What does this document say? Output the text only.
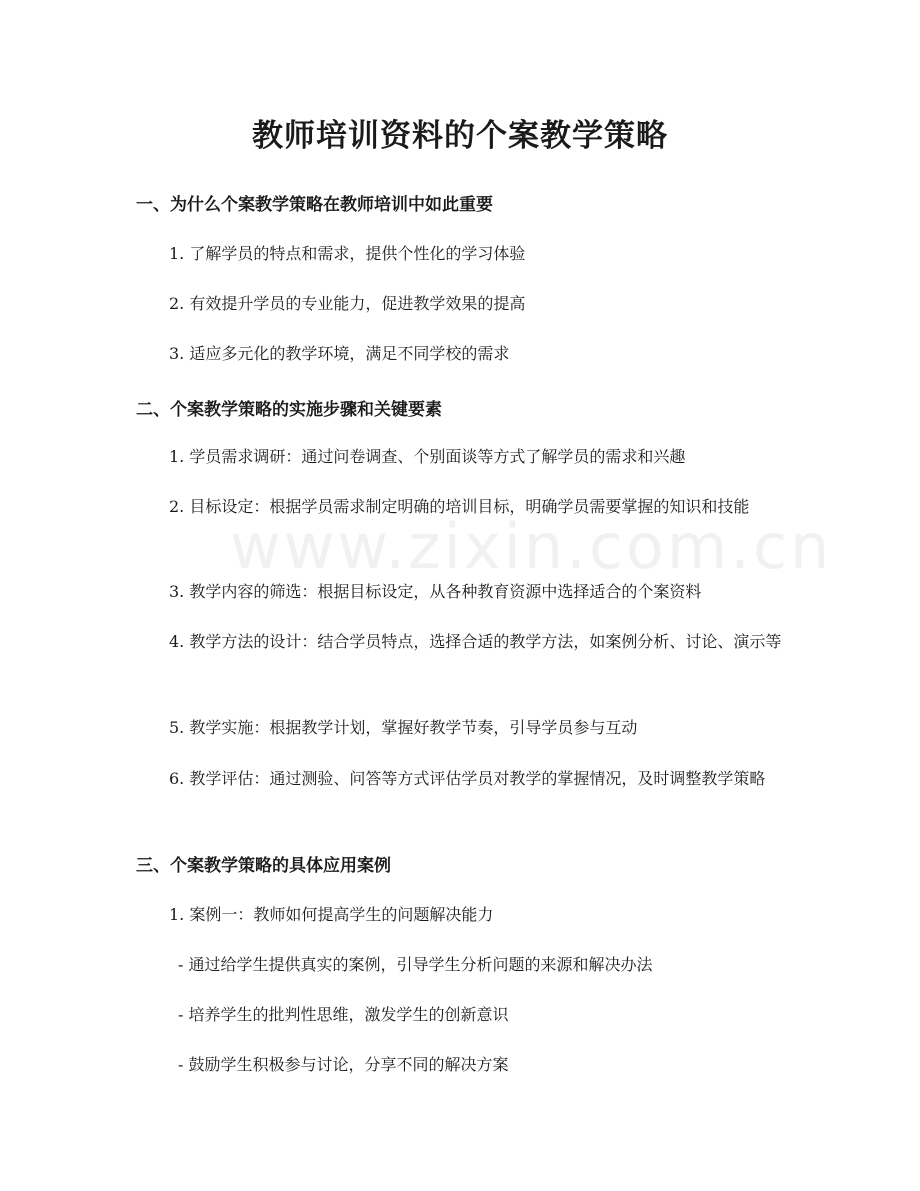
www.zixin.com.cn
教师培训资料的个案教学策略
一、为什么个案教学策略在教师培训中如此重要

1. 了解学员的特点和需求，提供个性化的学习体验

2. 有效提升学员的专业能力，促进教学效果的提高

3. 适应多元化的教学环境，满足不同学校的需求

二、个案教学策略的实施步骤和关键要素

1. 学员需求调研：通过问卷调查、个别面谈等方式了解学员的需求和兴趣

2. 目标设定：根据学员需求制定明确的培训目标，明确学员需要掌握的知识和技能

3. 教学内容的筛选：根据目标设定，从各种教育资源中选择适合的个案资料

4. 教学方法的设计：结合学员特点，选择合适的教学方法，如案例分析、讨论、演示等

5. 教学实施：根据教学计划，掌握好教学节奏，引导学员参与互动

6. 教学评估：通过测验、问答等方式评估学员对教学的掌握情况，及时调整教学策略

三、个案教学策略的具体应用案例

1. 案例一：教师如何提高学生的问题解决能力

- 通过给学生提供真实的案例，引导学生分析问题的来源和解决办法

- 培养学生的批判性思维，激发学生的创新意识

- 鼓励学生积极参与讨论，分享不同的解决方案
